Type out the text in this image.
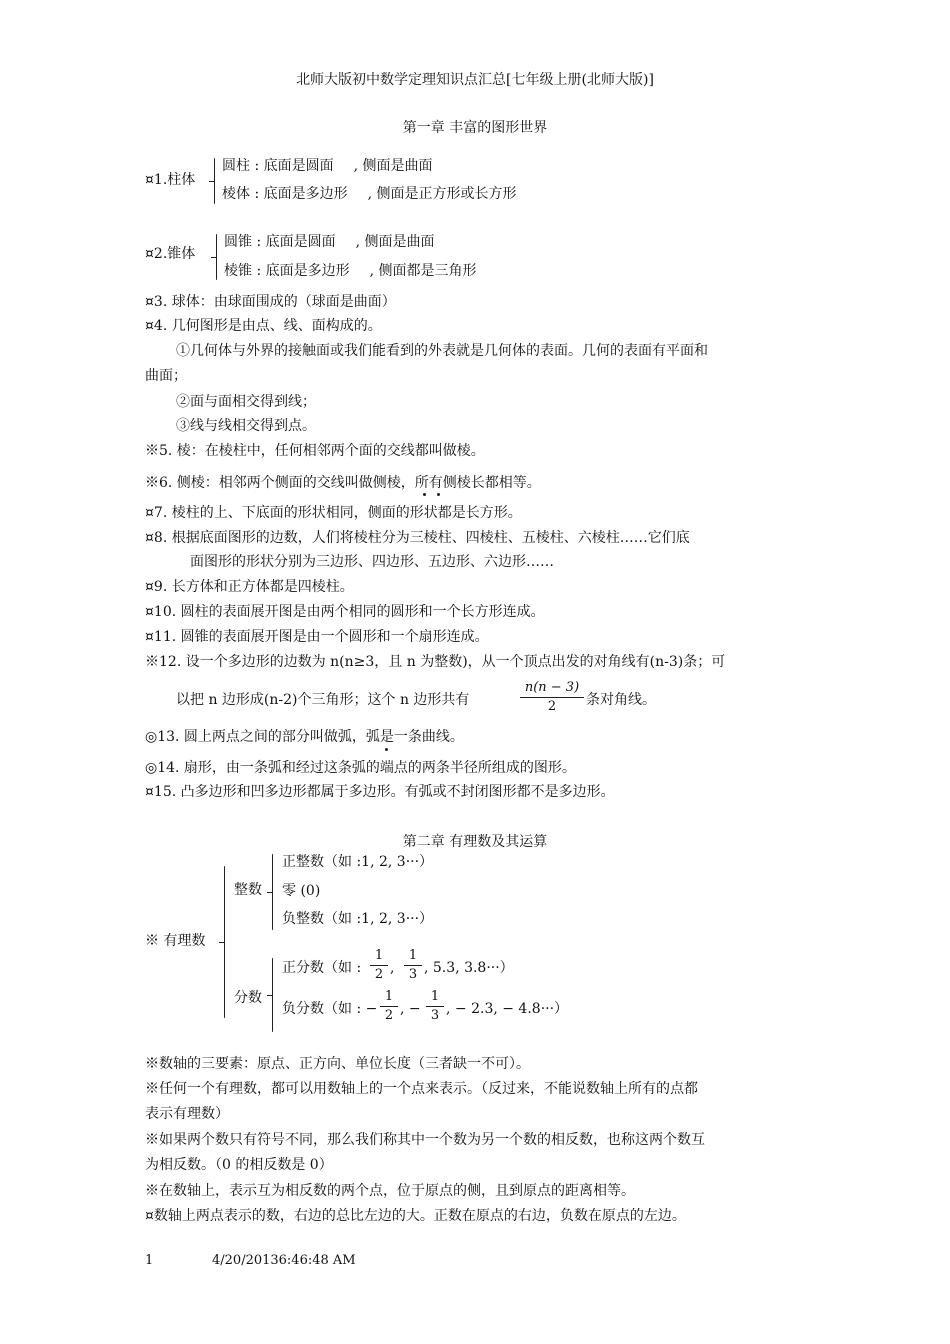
北师大版初中数学定理知识点汇总[七年级上册(北师大版)]
第一章 丰富的图形世界
¤1.柱体
圆柱 : 底面是圆面 , 侧面是曲面
棱体 : 底面是多边形 , 侧面是正方形或长方形
¤2.锥体
圆锥 : 底面是圆面 , 侧面是曲面
棱锥 : 底面是多边形 , 侧面都是三角形
¤3. 球体：由球面围成的（球面是曲面）
¤4. 几何图形是由点、线、面构成的。
①几何体与外界的接触面或我们能看到的外表就是几何体的表面。几何的表面有平面和
曲面；
②面与面相交得到线；
③线与线相交得到点。
※5. 棱：在棱柱中，任何相邻两个面的交线都叫做棱。
※6. 侧棱：相邻两个侧面的交线叫做侧棱，所有侧棱长都相等。
¤7. 棱柱的上、下底面的形状相同，侧面的形状都是长方形。
¤8. 根据底面图形的边数，人们将棱柱分为三棱柱、四棱柱、五棱柱、六棱柱……它们底
面图形的形状分别为三边形、四边形、五边形、六边形……
¤9. 长方体和正方体都是四棱柱。
¤10. 圆柱的表面展开图是由两个相同的圆形和一个长方形连成。
¤11. 圆锥的表面展开图是由一个圆形和一个扇形连成。
※12. 设一个多边形的边数为 n(n≥3，且 n 为整数)，从一个顶点出发的对角线有(n-3)条；可
以把 n 边形成(n-2)个三角形；这个 n 边形共有
n(n − 3)
2	条对角线。
◎13. 圆上两点之间的部分叫做弧，弧是一条曲线。
◎14. 扇形，由一条弧和经过这条弧的端点的两条半径所组成的图形。
¤15. 凸多边形和凹多边形都属于多边形。有弧或不封闭图形都不是多边形。
第二章 有理数及其运算
※ 有理数
整数
正整数（如 :1, 2, 3···）
零 (0)
负整数（如 :1, 2, 3···）
分数
正分数（如 :
1
2 ,
1
3 , 5.3, 3.8···）
负分数（如 : −
1
2 , −
1
3 , − 2.3, − 4.8···）
※数轴的三要素：原点、正方向、单位长度（三者缺一不可）。
※任何一个有理数，都可以用数轴上的一个点来表示。（反过来，不能说数轴上所有的点都
表示有理数）
※如果两个数只有符号不同，那么我们称其中一个数为另一个数的相反数，也称这两个数互
为相反数。（0 的相反数是 0）
※在数轴上，表示互为相反数的两个点，位于原点的侧，且到原点的距离相等。
¤数轴上两点表示的数，右边的总比左边的大。正数在原点的右边，负数在原点的左边。
1	4/20/20136:46:48 AM
